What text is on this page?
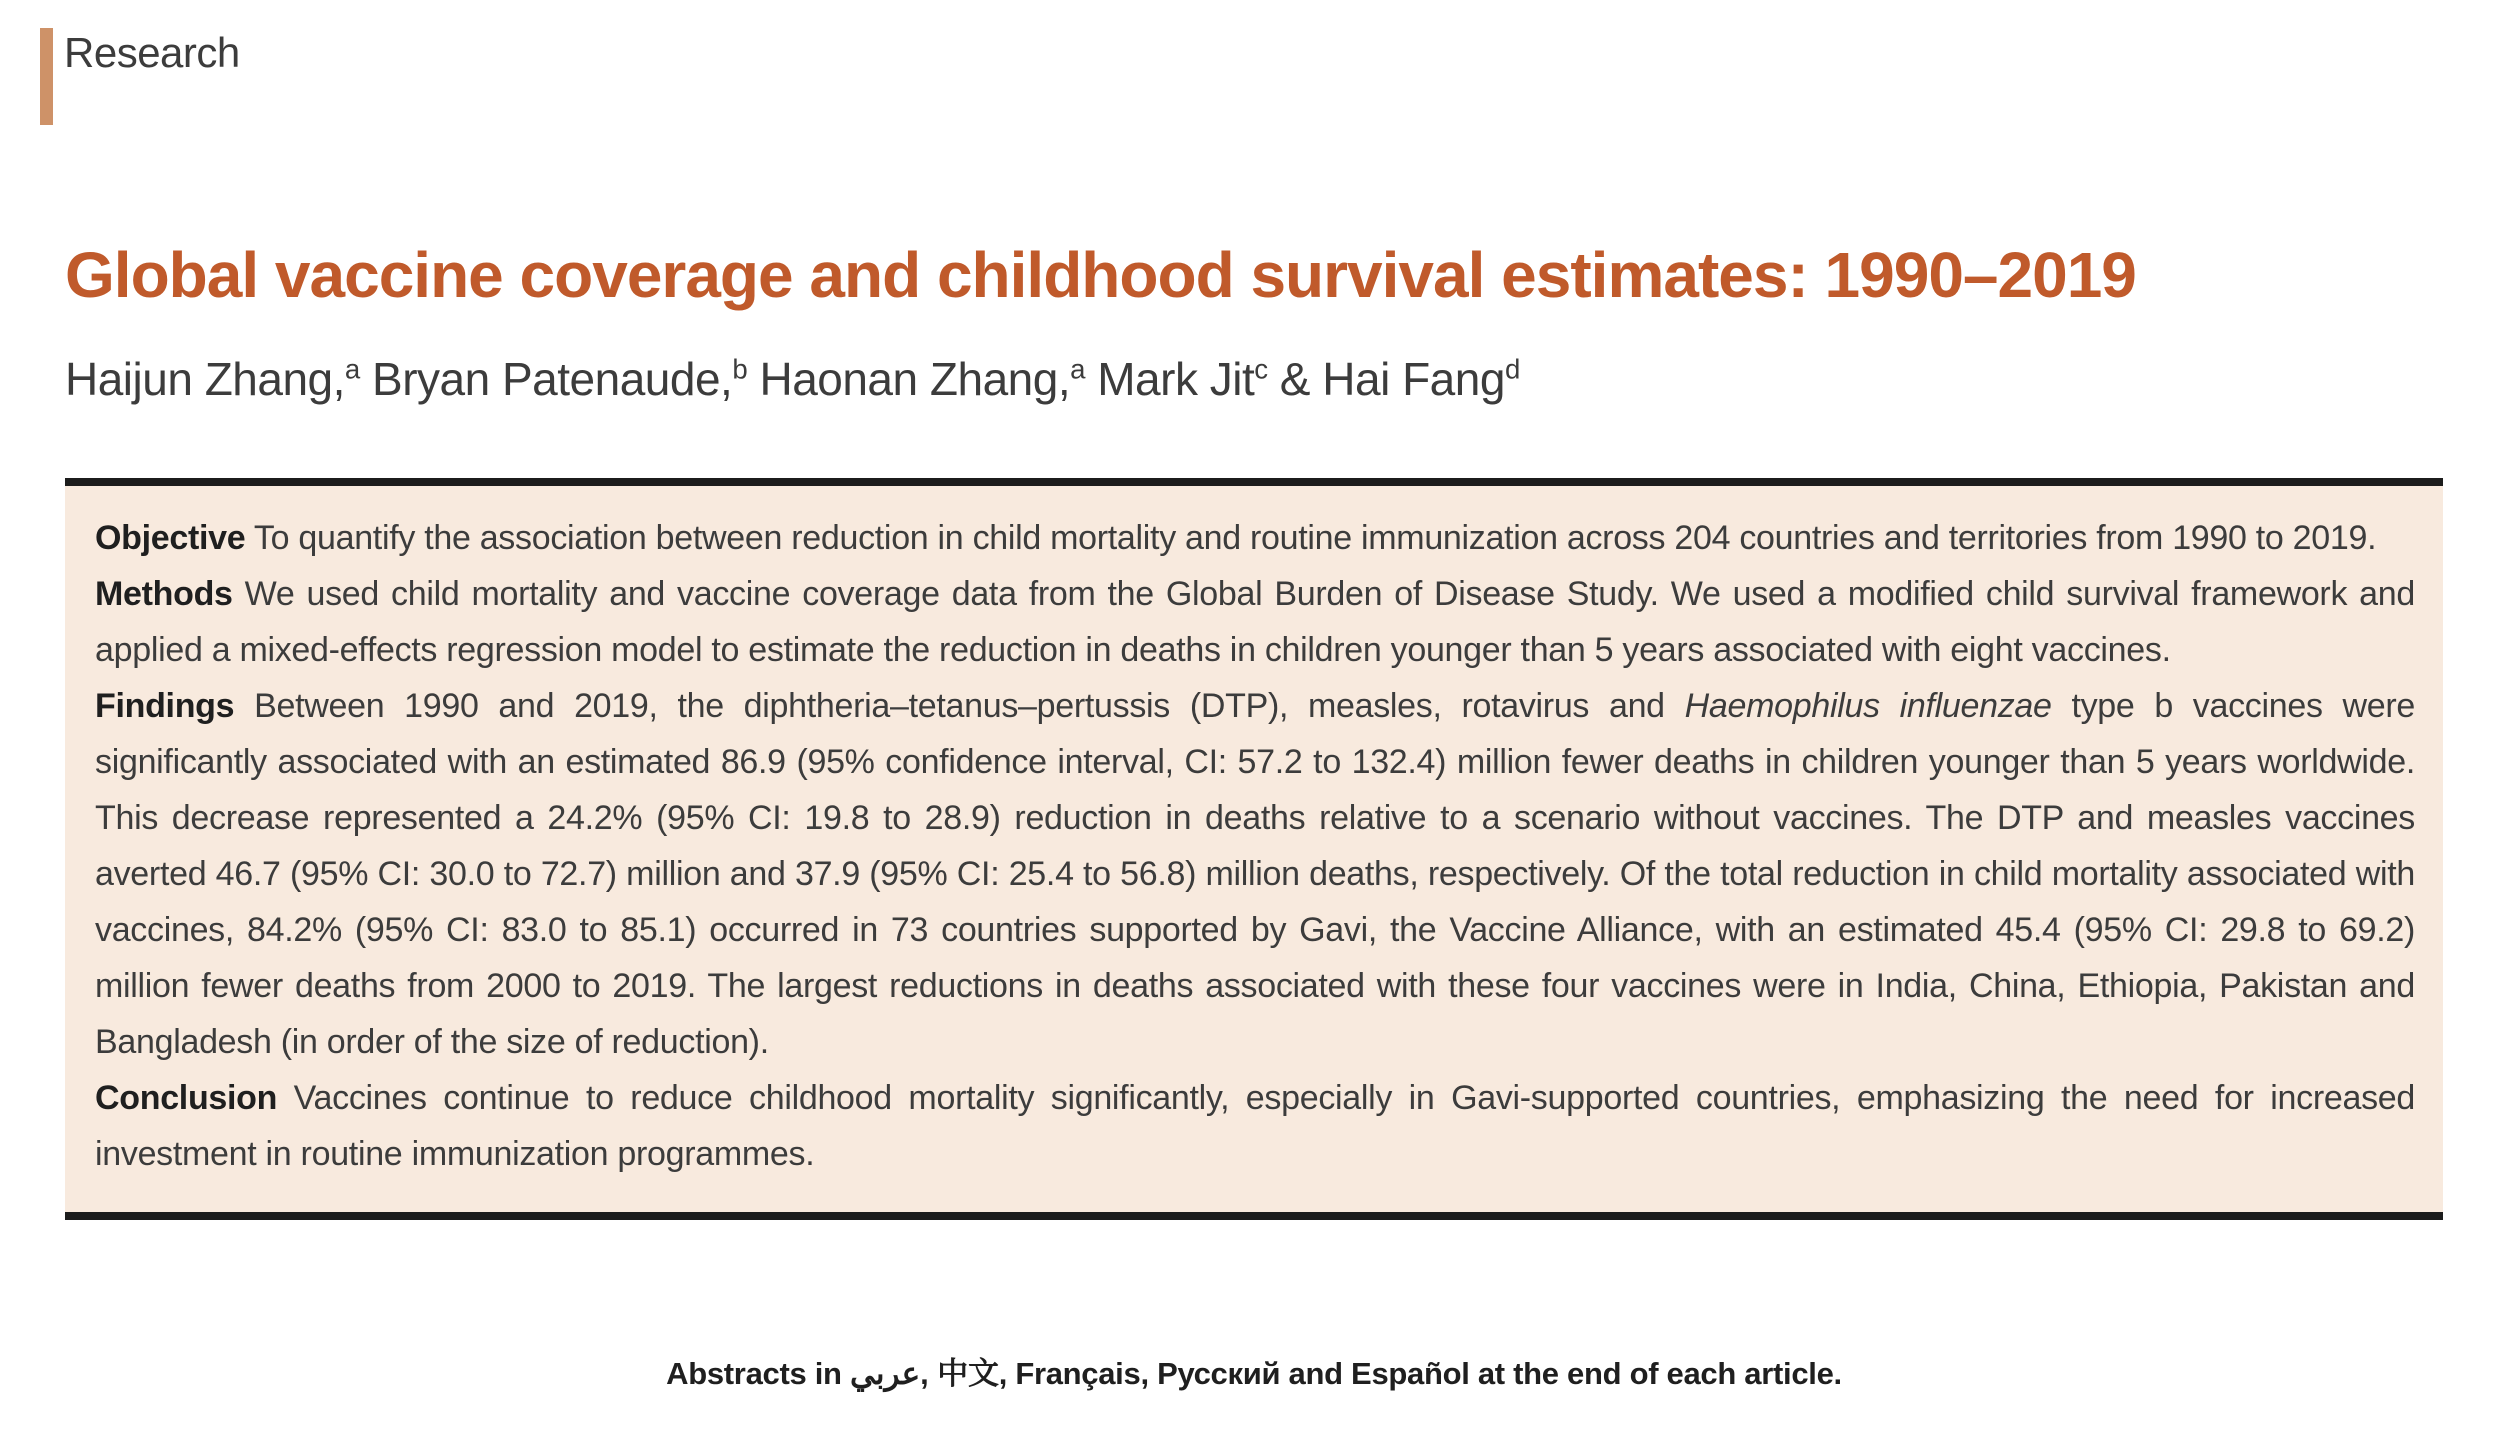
Research
Global vaccine coverage and childhood survival estimates: 1990–2019
Haijun Zhang,$^a$ Bryan Patenaude,$^b$ Haonan Zhang,$^a$ Mark Jit$^c$ & Hai Fang$^d$

Objective To quantify the association between reduction in child mortality and routine immunization across 204 countries and territories from 1990 to 2019.

Methods We used child mortality and vaccine coverage data from the Global Burden of Disease Study. We used a modified child survival framework and applied a mixed-effects regression model to estimate the reduction in deaths in children younger than 5 years associated with eight vaccines.

Findings Between 1990 and 2019, the diphtheria–tetanus–pertussis (DTP), measles, rotavirus and Haemophilus influenzae type b vaccines were significantly associated with an estimated 86.9 (95% confidence interval, CI: 57.2 to 132.4) million fewer deaths in children younger than 5 years worldwide. This decrease represented a 24.2% (95% CI: 19.8 to 28.9) reduction in deaths relative to a scenario without vaccines. The DTP and measles vaccines averted 46.7 (95% CI: 30.0 to 72.7) million and 37.9 (95% CI: 25.4 to 56.8) million deaths, respectively. Of the total reduction in child mortality associated with vaccines, 84.2% (95% CI: 83.0 to 85.1) occurred in 73 countries supported by Gavi, the Vaccine Alliance, with an estimated 45.4 (95% CI: 29.8 to 69.2) million fewer deaths from 2000 to 2019. The largest reductions in deaths associated with these four vaccines were in India, China, Ethiopia, Pakistan and Bangladesh (in order of the size of reduction).

Conclusion Vaccines continue to reduce childhood mortality significantly, especially in Gavi-supported countries, emphasizing the need for increased investment in routine immunization programmes.

Abstracts in عربي, 中文, Français, Русский and Español at the end of each article.
